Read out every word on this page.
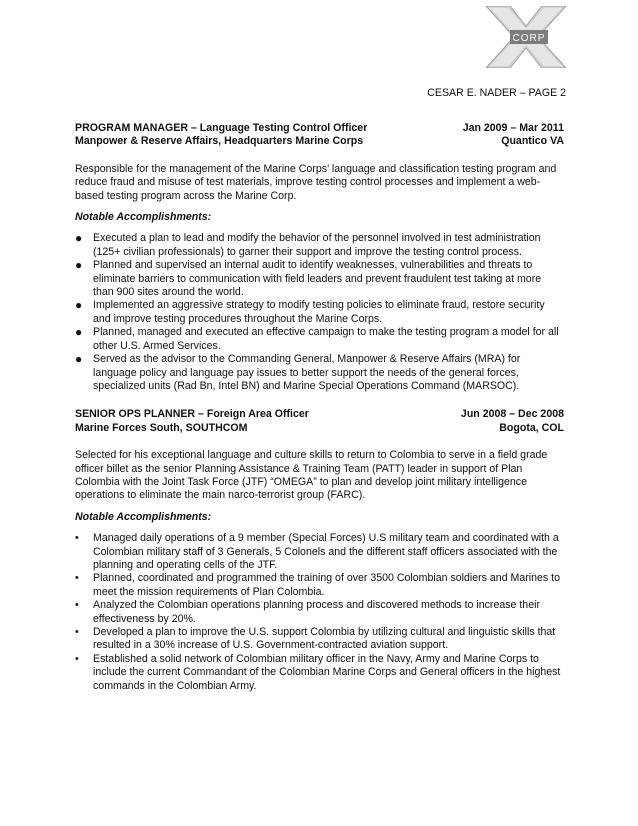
CORP
CESAR E. NADER – PAGE 2
PROGRAM MANAGER – Language Testing Control Officer	Jan 2009 – Mar 2011
Manpower & Reserve Affairs, Headquarters Marine Corps	Quantico VA
Responsible for the management of the Marine Corps’ language and classification testing program and reduce fraud and misuse of test materials, improve testing control processes and implement a web-based testing program across the Marine Corp.
Notable Accomplishments:
● Executed a plan to lead and modify the behavior of the personnel involved in test administration (125+ civilian professionals) to garner their support and improve the testing control process.
● Planned and supervised an internal audit to identify weaknesses, vulnerabilities and threats to eliminate barriers to communication with field leaders and prevent fraudulent test taking at more than 900 sites around the world.
● Implemented an aggressive strategy to modify testing policies to eliminate fraud, restore security and improve testing procedures throughout the Marine Corps.
● Planned, managed and executed an effective campaign to make the testing program a model for all other U.S. Armed Services.
● Served as the advisor to the Commanding General, Manpower & Reserve Affairs (MRA) for language policy and language pay issues to better support the needs of the general forces, specialized units (Rad Bn, Intel BN) and Marine Special Operations Command (MARSOC).
SENIOR OPS PLANNER – Foreign Area Officer	Jun 2008 – Dec 2008
Marine Forces South, SOUTHCOM	Bogota, COL
Selected for his exceptional language and culture skills to return to Colombia to serve in a field grade officer billet as the senior Planning Assistance & Training Team (PATT) leader in support of Plan Colombia with the Joint Task Force (JTF) “OMEGA” to plan and develop joint military intelligence operations to eliminate the main narco-terrorist group (FARC).
Notable Accomplishments:
• Managed daily operations of a 9 member (Special Forces) U.S military team and coordinated with a Colombian military staff of 3 Generals, 5 Colonels and the different staff officers associated with the planning and operating cells of the JTF.
• Planned, coordinated and programmed the training of over 3500 Colombian soldiers and Marines to meet the mission requirements of Plan Colombia.
• Analyzed the Colombian operations planning process and discovered methods to increase their effectiveness by 20%.
• Developed a plan to improve the U.S. support Colombia by utilizing cultural and linguistic skills that resulted in a 30% increase of U.S. Government-contracted aviation support.
• Established a solid network of Colombian military officer in the Navy, Army and Marine Corps to include the current Commandant of the Colombian Marine Corps and General officers in the highest commands in the Colombian Army.
